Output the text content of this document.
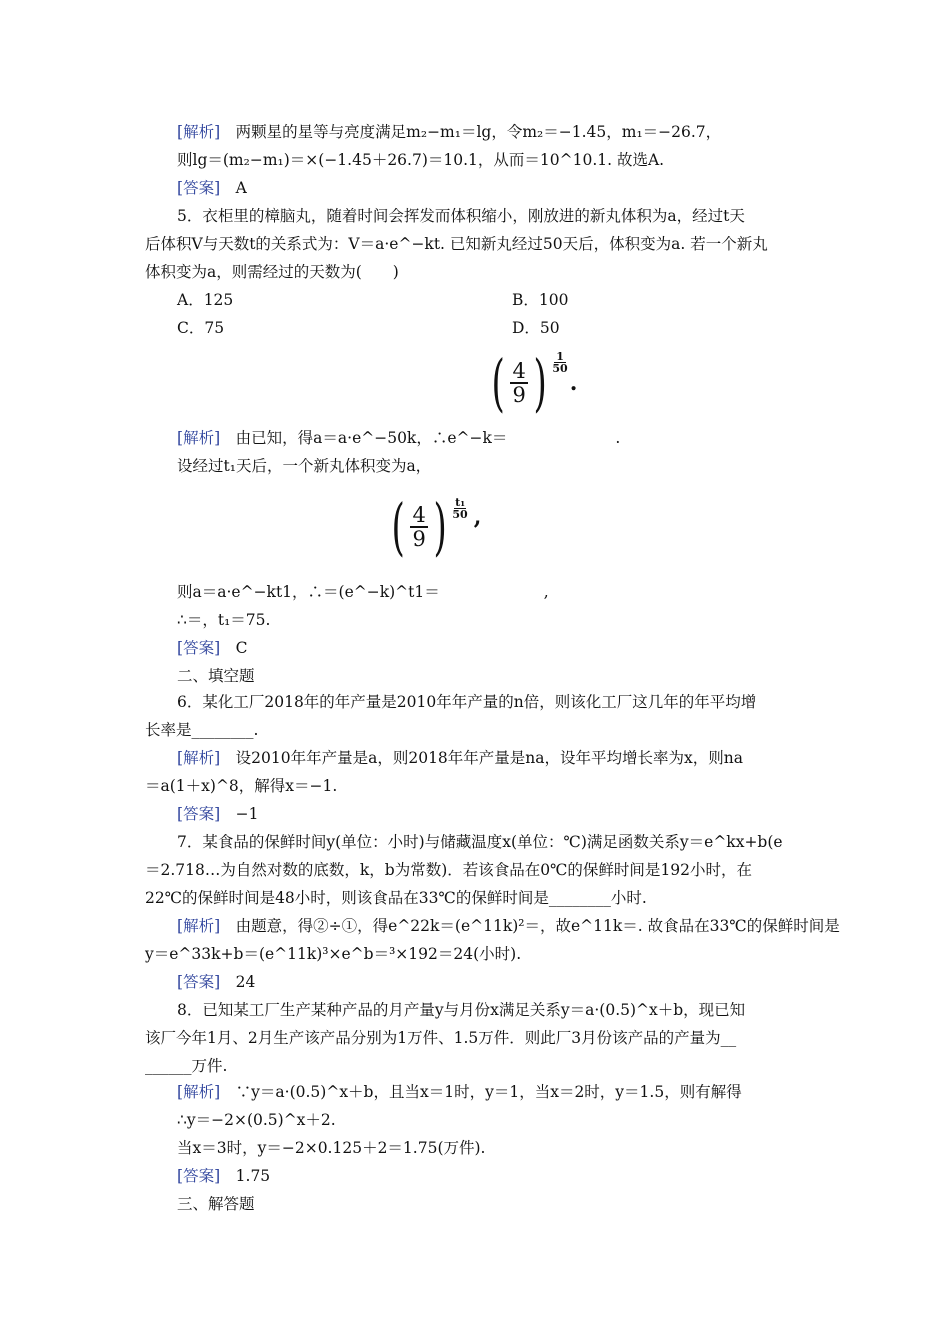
[ 解析 ]　 两颗星的星等与亮度满足m₂−m₁＝lg，令m₂＝−1.45，m₁＝−26.7，
则lg＝(m₂−m₁)＝×(−1.45＋26.7)＝10.1，从而＝10^10.1. 故选A.
[ 答案 ]　 A
5．衣柜里的樟脑丸，随着时间会挥发而体积缩小，刚放进的新丸体积为a，经过t天
后体积V与天数t的关系式为：V＝a·e^−kt. 已知新丸经过50天后，体积变为a. 若一个新丸
体积变为a，则需经过的天数为(　　)
A．125	B．100
C．75	D．50
( $\frac{4}{9}$ ) 1
50
.
[ 解析 ]　 由已知，得a＝a·e^−50k，∴e^−k＝	.
设经过t₁天后，一个新丸体积变为a，
( $\frac{4}{9}$ ) t₁
50 ,
则a＝a·e^−kt1，∴＝(e^−k)^t1＝	,
∴＝，t₁＝75.
[ 答案 ]　 C
二、填空题
6．某化工厂2018年的年产量是2010年年产量的n倍，则该化工厂这几年的年平均增
长率是________.
[ 解析 ]　 设2010年年产量是a，则2018年年产量是na，设年平均增长率为x，则na
＝a(1＋x)^8，解得x＝−1.
[ 答案 ]　 −1
7．某食品的保鲜时间y(单位：小时)与储藏温度x(单位：℃)满足函数关系y＝e^kx+b(e
＝2.718…为自然对数的底数，k，b为常数)．若该食品在0℃的保鲜时间是192小时，在
22℃的保鲜时间是48小时，则该食品在33℃的保鲜时间是________小时.
[ 解析 ]　 由题意，得②÷①，得e^22k＝(e^11k)²＝，故e^11k＝. 故食品在33℃的保鲜时间是
y＝e^33k+b＝(e^11k)³×e^b＝³×192＝24(小时).
[ 答案 ]　 24
8．已知某工厂生产某种产品的月产量y与月份x满足关系y＝a·(0.5)^x＋b，现已知
该厂今年1月、2月生产该产品分别为1万件、1.5万件．则此厂3月份该产品的产量为__
______万件.
[ 解析 ]　 ∵y＝a·(0.5)^x＋b，且当x＝1时，y＝1，当x＝2时，y＝1.5，则有解得
∴y＝−2×(0.5)^x＋2.
当x＝3时，y＝−2×0.125＋2＝1.75(万件).
[ 答案 ]　 1.75
三、解答题
